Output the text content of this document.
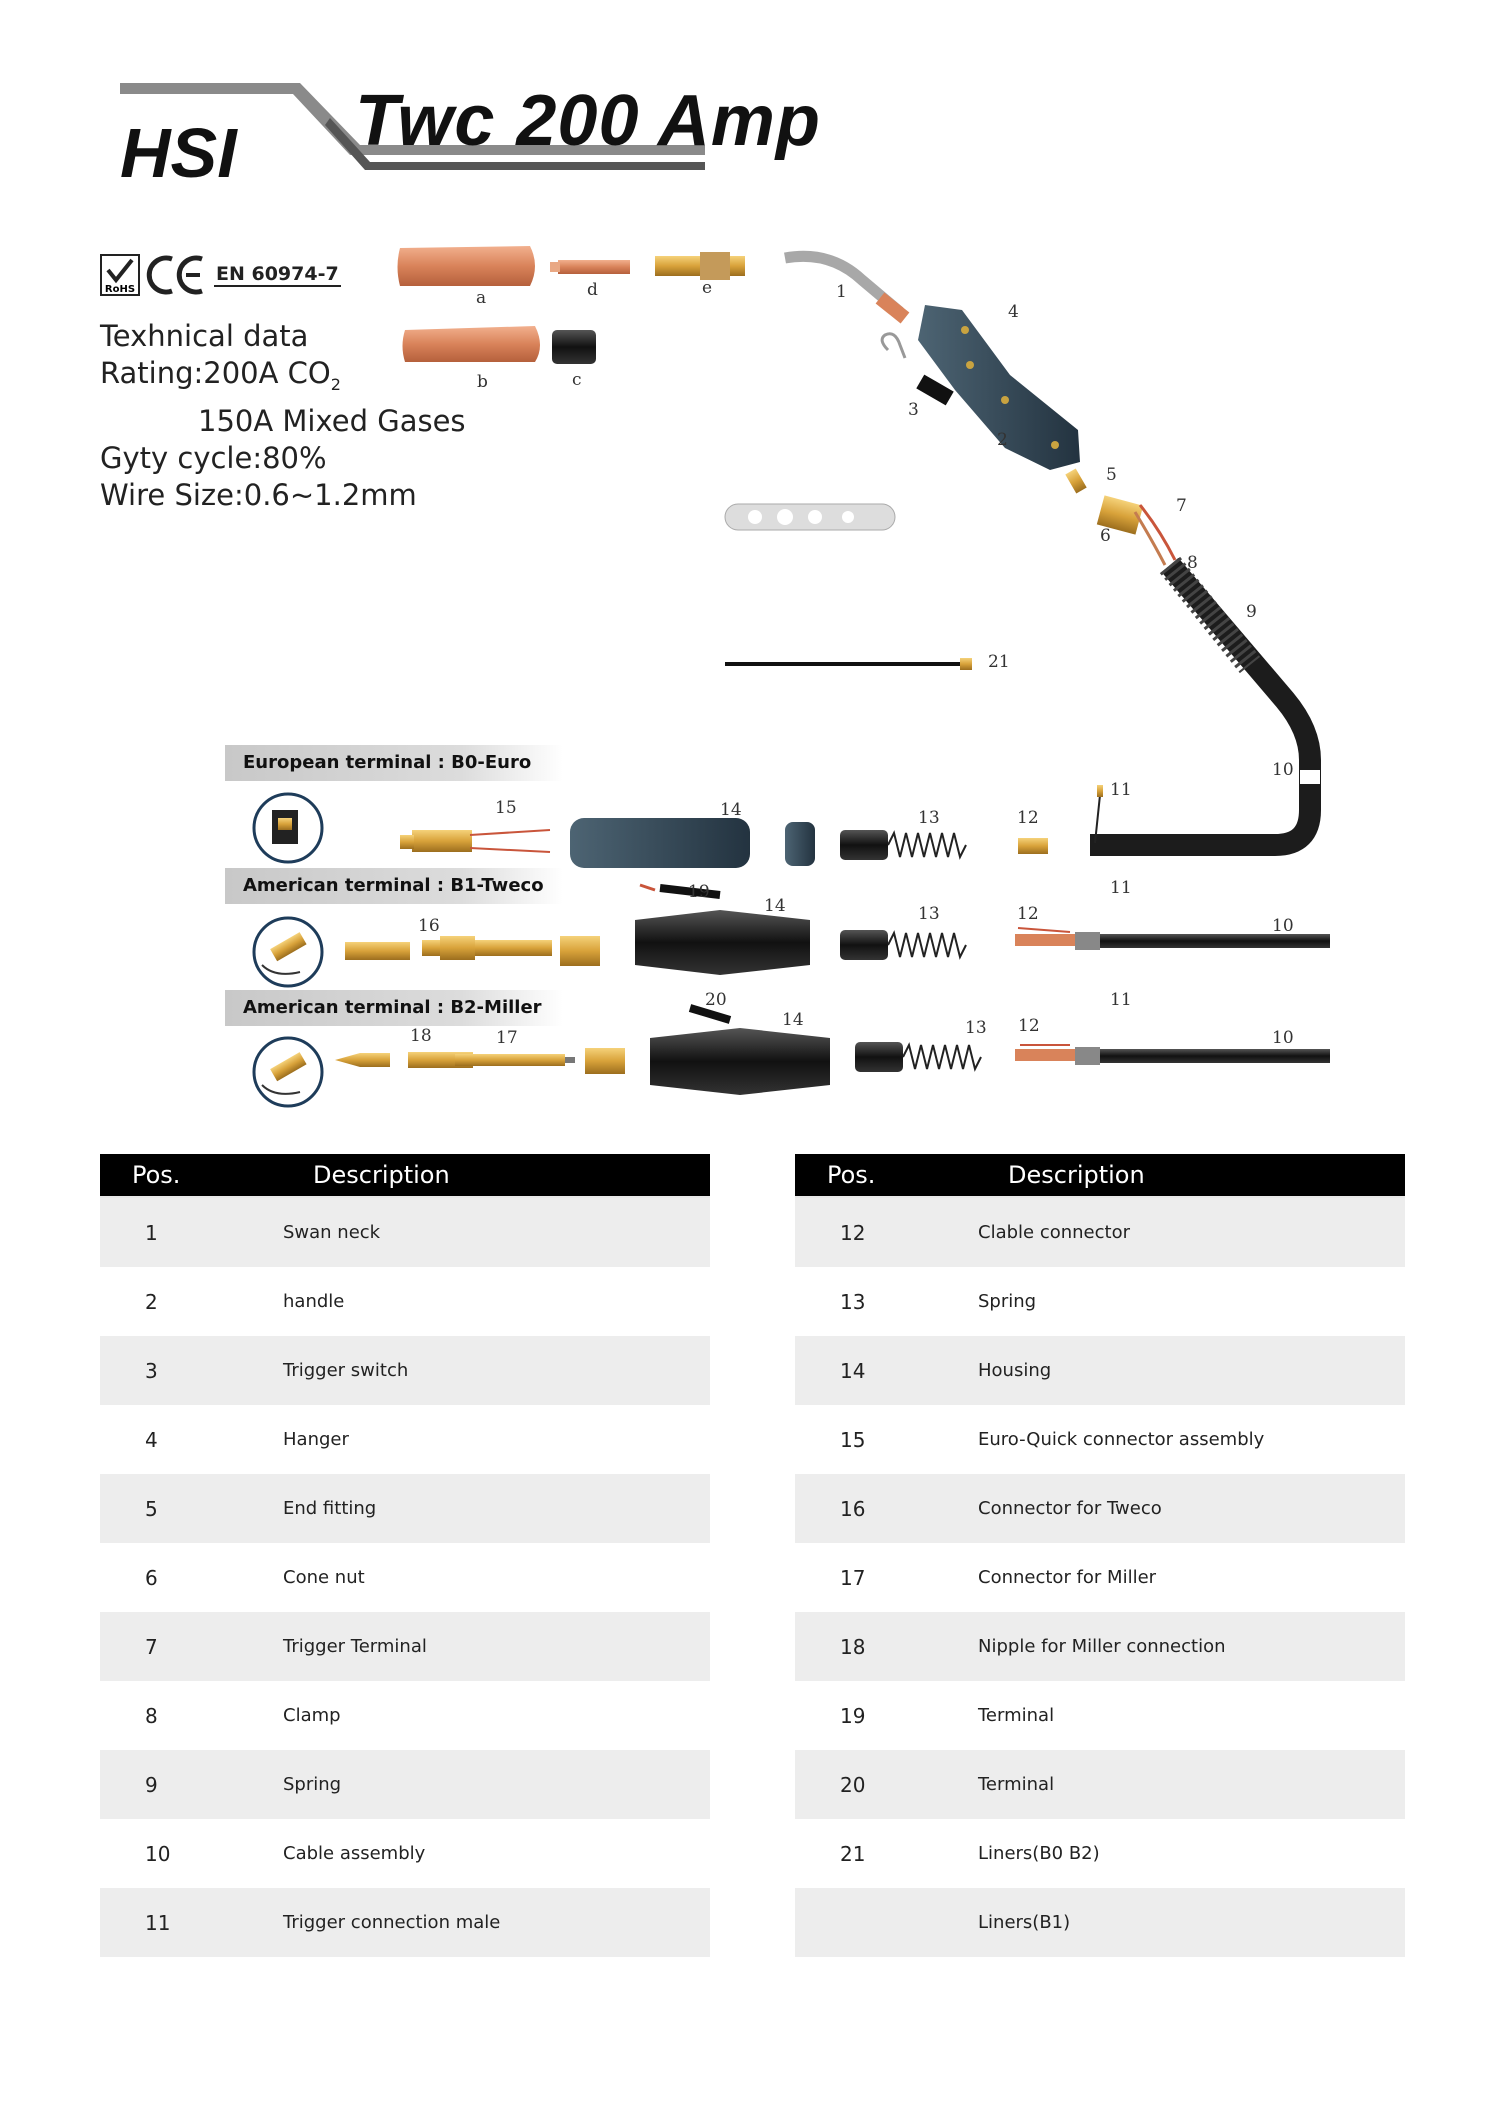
HSI Twc 200 Amp
RoHS
EN 60974-7
Texhnical data
Rating:200A $CO_2$
150A Mixed Gases
Gyty cycle:80%
Wire Size:0.6~1.2mm
a	d	e
b	c
1
2
3
4
5
6
7
8
9
10
11
12
13
14
15
16
11
12
13
14
19
10
11
12
13
14
20
10
18	17
21
European terminal : B0-Euro
American terminal : B1-Tweco
American terminal : B2-Miller
Pos.	Description
1	Swan neck
2	handle
3	Trigger switch
4	Hanger
5	End fitting
6	Cone nut
7	Trigger Terminal
8	Clamp
9	Spring
10	Cable assembly
11	Trigger connection male
Pos.	Description
12	Clable connector
13	Spring
14	Housing
15	Euro-Quick connector assembly
16	Connector for Tweco
17	Connector for Miller
18	Nipple for Miller connection
19	Terminal
20	Terminal
21	Liners(B0 B2)
	Liners(B1)
